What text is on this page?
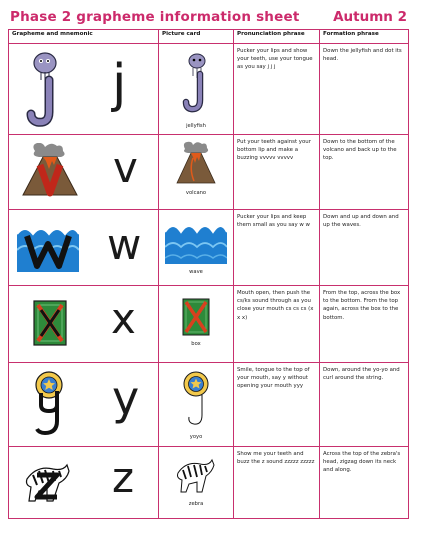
Phase 2 grapheme information sheet Autumn 2
Grapheme and mnemonic	Picture card	Pronunciation phrase	Formation phrase

j	jellyfish	Pucker your lips and show your teeth, use your tongue as you say j j j	Down the jellyfish and dot its head.

v	volcano	Put your teeth against your bottom lip and make a buzzing vvvvv vvvvv	Down to the bottom of the volcano and back up to the top.

w	wave	Pucker your lips and keep them small as you say w w	Down and up and down and up the waves.

x	box	Mouth open, then push the cs/ks sound through as you close your mouth cs cs cs (x x x)	From the top, across the box to the bottom. From the top again, across the box to the bottom.

y	yoyo	Smile, tongue to the top of your mouth, say y without opening your mouth yyy	Down, around the yo-yo and curl around the string.

z	zebra	Show me your teeth and buzz the z sound zzzzz zzzzz	Across the top of the zebra's head, zigzag down its neck and along.
